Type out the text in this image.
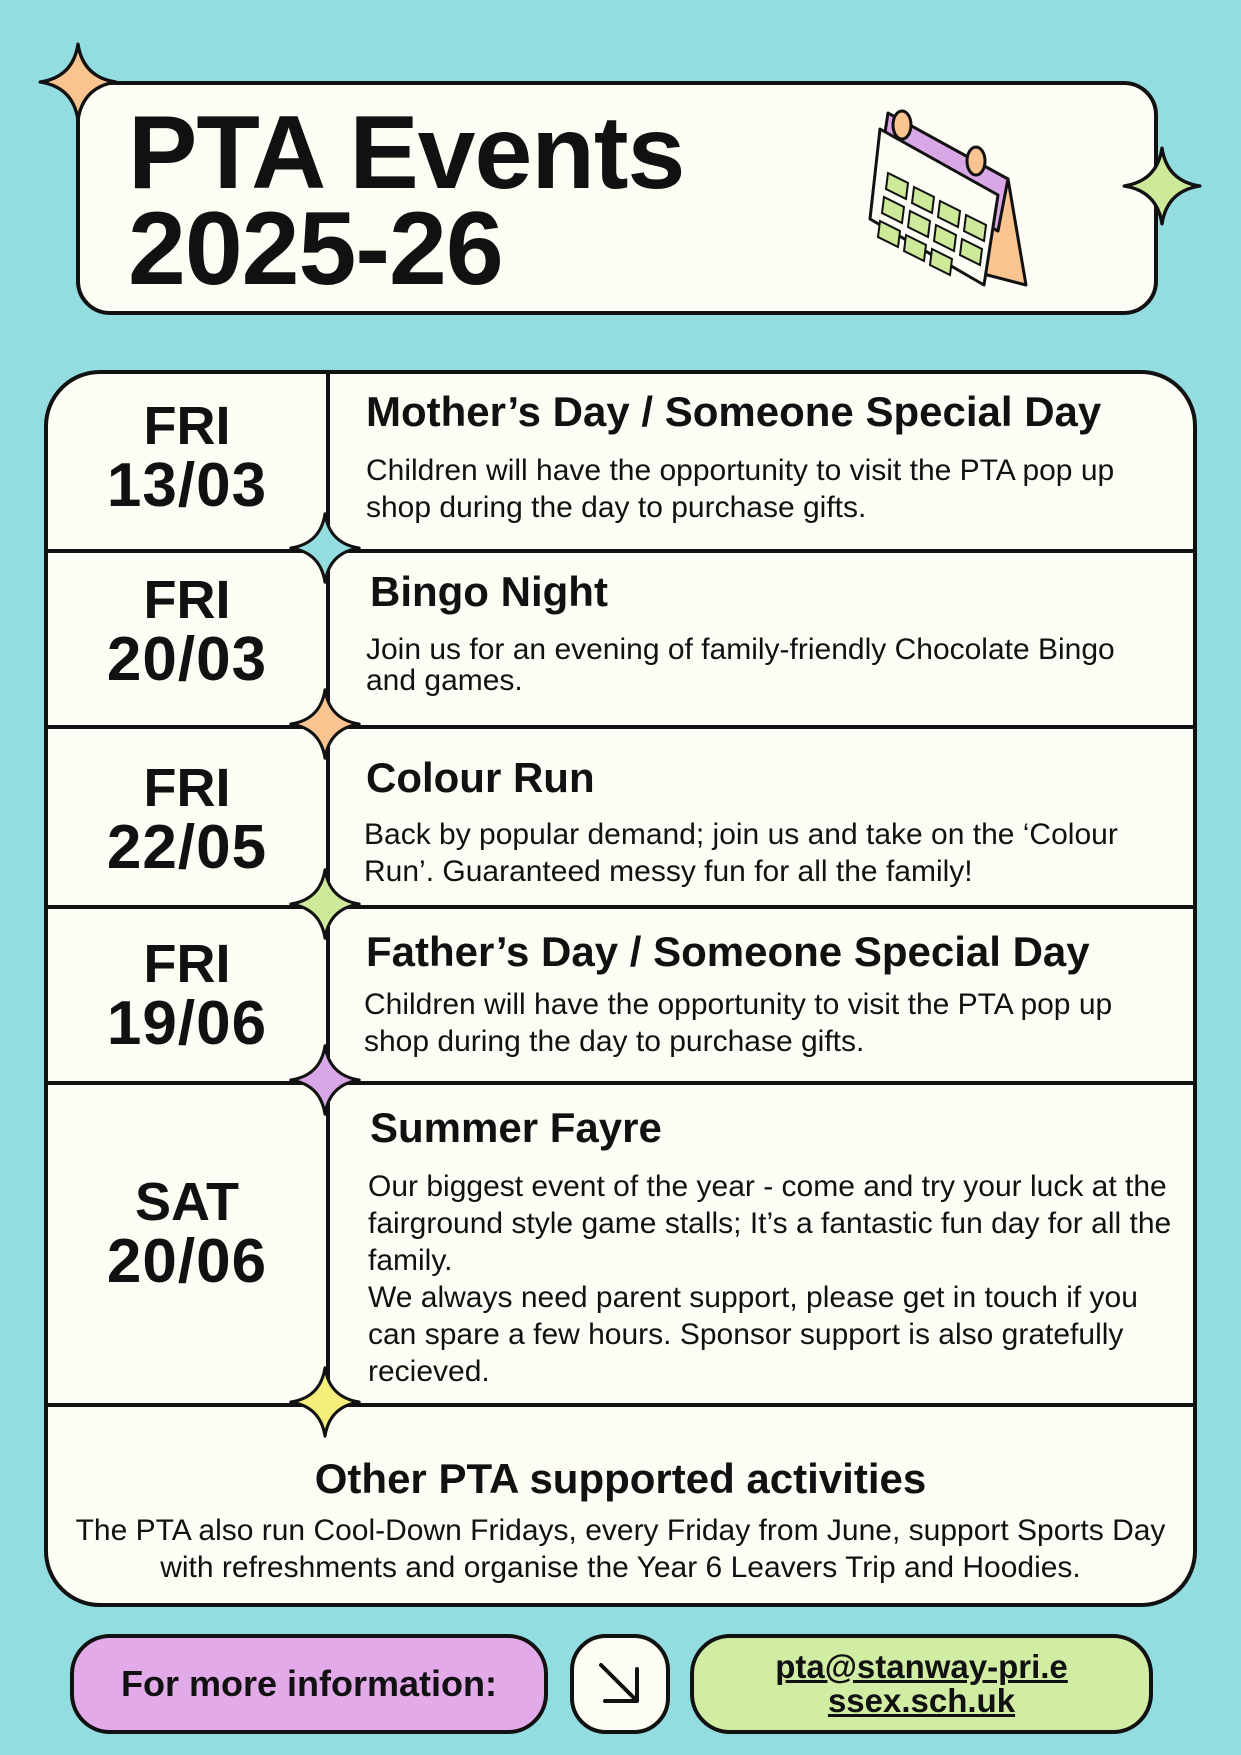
PTA Events
2025-26
FRI
13/03
Mother’s Day / Someone Special Day
Children will have the opportunity to visit the PTA pop up shop during the day to purchase gifts.
FRI
20/03
Bingo Night
Join us for an evening of family-friendly Chocolate Bingo and games.
FRI
22/05
Colour Run
Back by popular demand; join us and take on the ‘Colour Run’. Guaranteed messy fun for all the family!
FRI
19/06
Father’s Day / Someone Special Day
Children will have the opportunity to visit the PTA pop up shop during the day to purchase gifts.
SAT
20/06
Summer Fayre
Our biggest event of the year - come and try your luck at the fairground style game stalls; It’s a fantastic fun day for all the family.
We always need parent support, please get in touch if you can spare a few hours. Sponsor support is also gratefully recieved.
Other PTA supported activities
The PTA also run Cool-Down Fridays, every Friday from June, support Sports Day with refreshments and organise the Year 6 Leavers Trip and Hoodies.
For more information:	pta@stanway-pri.essex.sch.uk
